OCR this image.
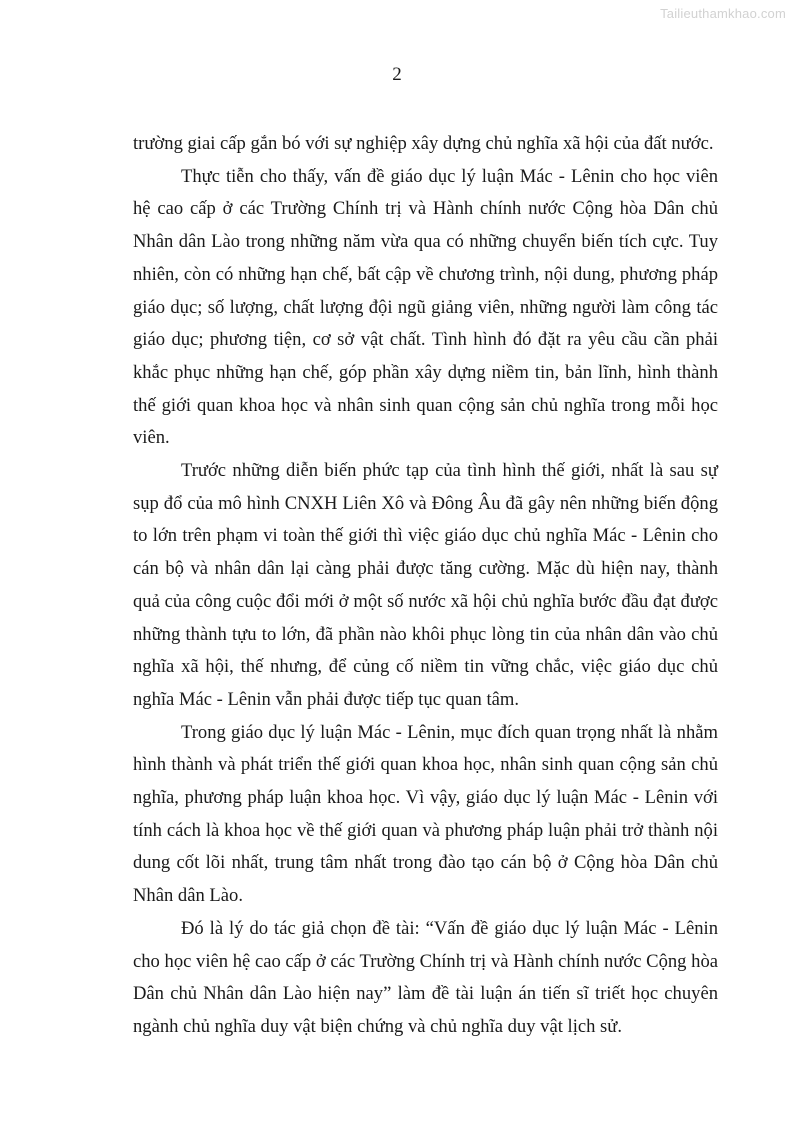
Tailieuthamkhao.com
2

trường giai cấp gắn bó với sự nghiệp xây dựng chủ nghĩa xã hội của đất nước.

Thực tiễn cho thấy, vấn đề giáo dục lý luận Mác - Lênin cho học viên hệ cao cấp ở các Trường Chính trị và Hành chính nước Cộng hòa Dân chủ Nhân dân Lào trong những năm vừa qua có những chuyển biến tích cực. Tuy nhiên, còn có những hạn chế, bất cập về chương trình, nội dung, phương pháp giáo dục; số lượng, chất lượng đội ngũ giảng viên, những người làm công tác giáo dục; phương tiện, cơ sở vật chất. Tình hình đó đặt ra yêu cầu cần phải khắc phục những hạn chế, góp phần xây dựng niềm tin, bản lĩnh, hình thành thế giới quan khoa học và nhân sinh quan cộng sản chủ nghĩa trong mỗi học viên.

Trước những diễn biến phức tạp của tình hình thế giới, nhất là sau sự sụp đổ của mô hình CNXH Liên Xô và Đông Âu đã gây nên những biến động to lớn trên phạm vi toàn thế giới thì việc giáo dục chủ nghĩa Mác - Lênin cho cán bộ và nhân dân lại càng phải được tăng cường. Mặc dù hiện nay, thành quả của công cuộc đổi mới ở một số nước xã hội chủ nghĩa bước đầu đạt được những thành tựu to lớn, đã phần nào khôi phục lòng tin của nhân dân vào chủ nghĩa xã hội, thế nhưng, để củng cố niềm tin vững chắc, việc giáo dục chủ nghĩa Mác - Lênin vẫn phải được tiếp tục quan tâm.

Trong giáo dục lý luận Mác - Lênin, mục đích quan trọng nhất là nhằm hình thành và phát triển thế giới quan khoa học, nhân sinh quan cộng sản chủ nghĩa, phương pháp luận khoa học. Vì vậy, giáo dục lý luận Mác - Lênin với tính cách là khoa học về thế giới quan và phương pháp luận phải trở thành nội dung cốt lõi nhất, trung tâm nhất trong đào tạo cán bộ ở Cộng hòa Dân chủ Nhân dân Lào.

Đó là lý do tác giả chọn đề tài: “Vấn đề giáo dục lý luận Mác - Lênin cho học viên hệ cao cấp ở các Trường Chính trị và Hành chính nước Cộng hòa Dân chủ Nhân dân Lào hiện nay” làm đề tài luận án tiến sĩ triết học chuyên ngành chủ nghĩa duy vật biện chứng và chủ nghĩa duy vật lịch sử.
